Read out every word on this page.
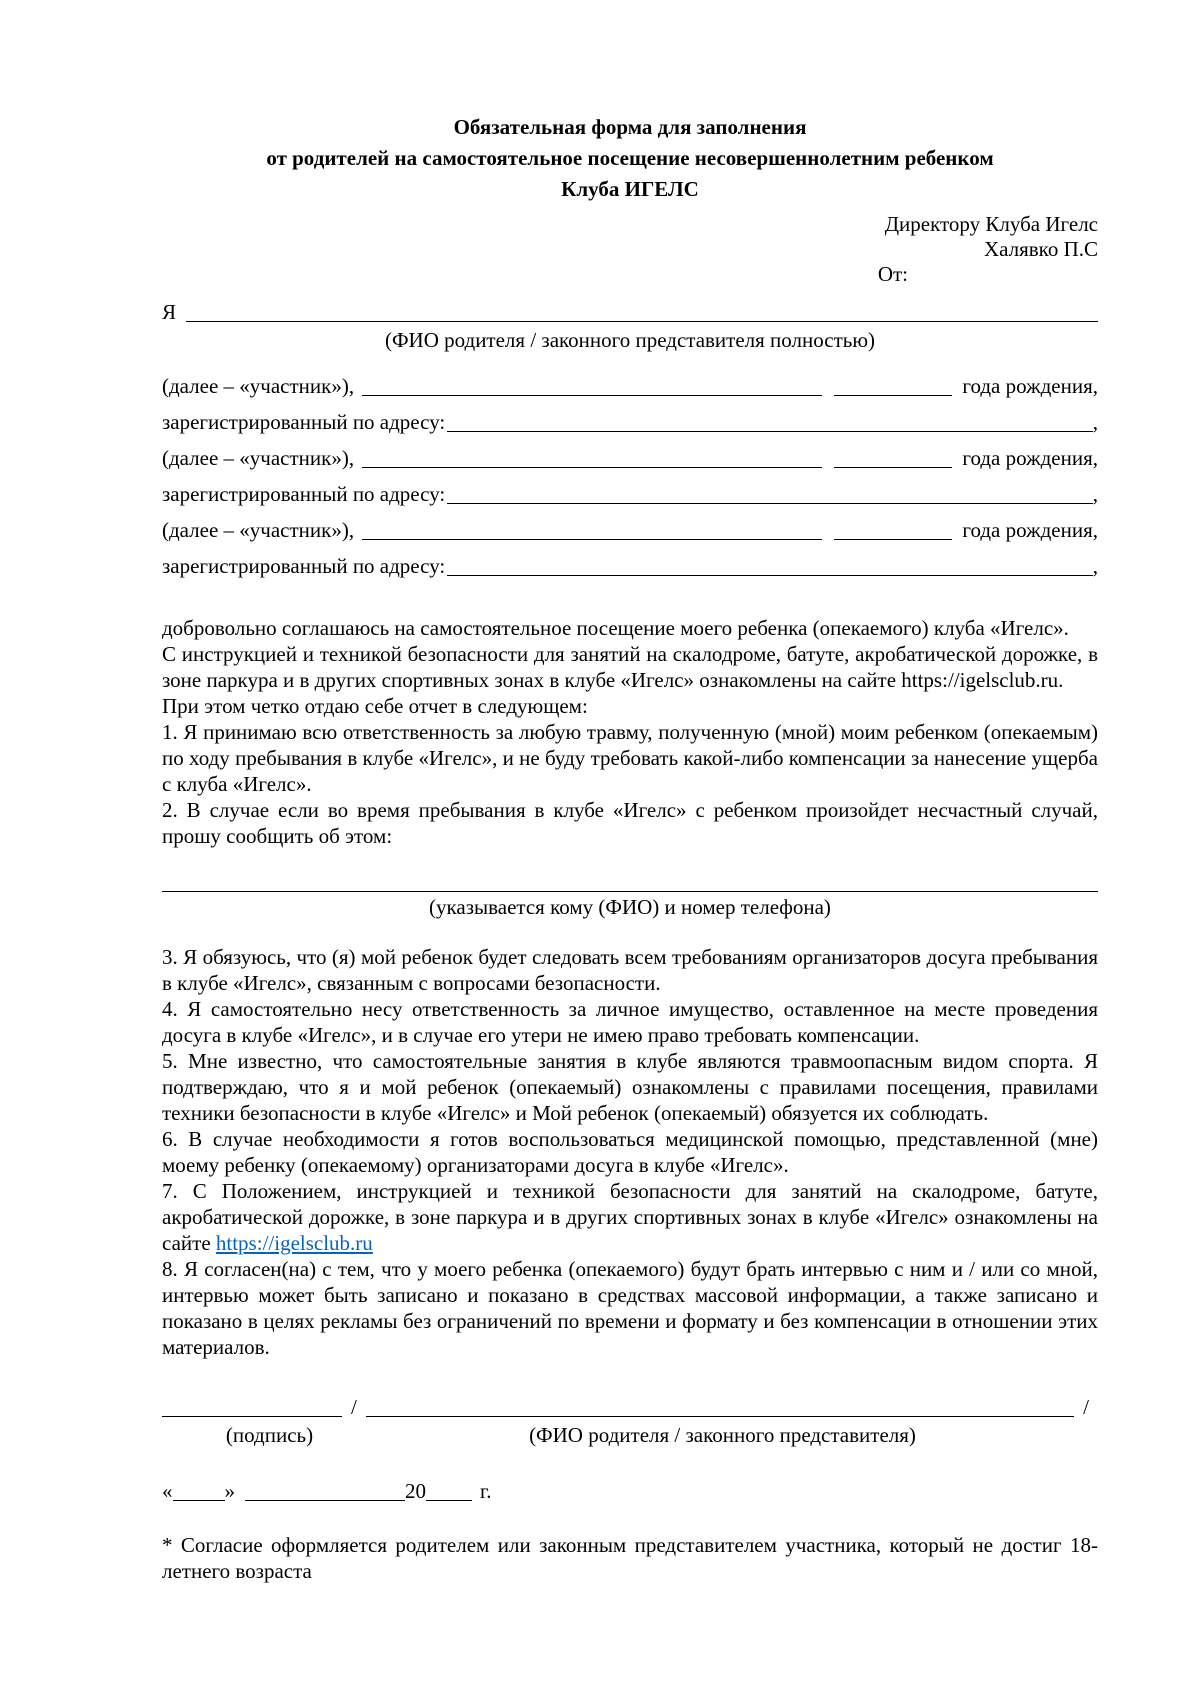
Обязательная форма для заполнения
от родителей на самостоятельное посещение несовершеннолетним ребенком
Клуба ИГЕЛС
Директору Клуба Игелс
Халявко П.С
От:
Я
(ФИО родителя / законного представителя полностью)
(далее – «участник»),	года рождения,
зарегистрированный по адресу:	,
(далее – «участник»),	года рождения,
зарегистрированный по адресу:	,
(далее – «участник»),	года рождения,
зарегистрированный по адресу:	,

добровольно соглашаюсь на самостоятельное посещение моего ребенка (опекаемого) клуба «Игелс».

С инструкцией и техникой безопасности для занятий на скалодроме, батуте, акробатической дорожке, в зоне паркура и в других спортивных зонах в клубе «Игелс» ознакомлены на сайте https://igelsclub.ru.

При этом четко отдаю себе отчет в следующем:

1. Я принимаю всю ответственность за любую травму, полученную (мной) моим ребенком (опекаемым) по ходу пребывания в клубе «Игелс», и не буду требовать какой-либо компенсации за нанесение ущерба с клуба «Игелс».

2. В случае если во время пребывания в клубе «Игелс» с ребенком произойдет несчастный случай, прошу сообщить об этом:

(указывается кому (ФИО) и номер телефона)

3. Я обязуюсь, что (я) мой ребенок будет следовать всем требованиям организаторов досуга пребывания в клубе «Игелс», связанным с вопросами безопасности.

4. Я самостоятельно несу ответственность за личное имущество, оставленное на месте проведения досуга в клубе «Игелс», и в случае его утери не имею право требовать компенсации.

5. Мне известно, что самостоятельные занятия в клубе являются травмоопасным видом спорта. Я подтверждаю, что я и мой ребенок (опекаемый) ознакомлены с правилами посещения, правилами техники безопасности в клубе «Игелс» и Мой ребенок (опекаемый) обязуется их соблюдать.

6. В случае необходимости я готов воспользоваться медицинской помощью, представленной (мне) моему ребенку (опекаемому) организаторами досуга в клубе «Игелс».

7. С Положением, инструкцией и техникой безопасности для занятий на скалодроме, батуте, акробатической дорожке, в зоне паркура и в других спортивных зонах в клубе «Игелс» ознакомлены на сайте https://igelsclub.ru

8. Я согласен(на) с тем, что у моего ребенка (опекаемого) будут брать интервью с ним и / или со мной, интервью может быть записано и показано в средствах массовой информации, а также записано и показано в целях рекламы без ограничений по времени и формату и без компенсации в отношении этих материалов.

/	/
(подпись)	(ФИО родителя / законного представителя)
« »	20	г.
* Согласие оформляется родителем или законным представителем участника, который не достиг 18-летнего возраста
